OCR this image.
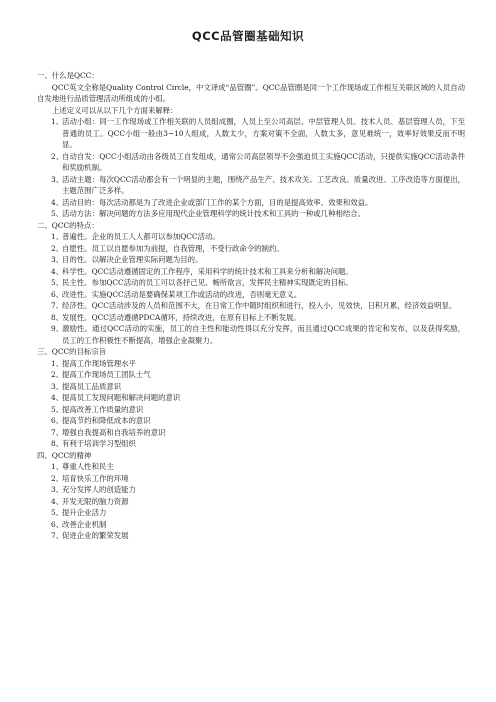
QCC品管圈基础知识
一、什么是QCC：
QCC英文全称是Quality Control Circle，中文译成“品管圈”。QCC品管圈是同一个工作现场或工作相互关联区域的人员自动自发地进行品质管理活动所组成的小组。
上述定义可以从以下几个方面来解释：
1、
活动小组：同一工作现场或工作相关联的人员组成圈，人员上至公司高层、中层管理人员、技术人员、基层管理人员，下至普通的员工。QCC小组一般由3~10人组成，人数太少，方案对策不全面，人数太多，意见难统一，效率好效果反而不明显。
2、
自动自发：QCC小组活动由各级员工自发组成，通常公司高层领导不会强迫员工实施QCC活动，只提供实施QCC活动条件和奖励机制。
3、
活动主题：每次QCC活动都会有一个明显的主题，围绕产品生产、技术攻关、工艺改良、质量改进、工序改造等方面提出，主题范围广泛多样。
4、
活动目的：每次活动都是为了改进企业或部门工作的某个方面，目的是提高效率、效果和效益。
5、
活动方法：解决问题的方法多应用现代企业管理科学的统计技术和工具的一种或几种相结合。
二、QCC的特点：
1、
普遍性。企业的员工人人都可以参加QCC活动。
2、
自愿性。员工以自愿参加为前提，自我管理，不受行政命令的制约。
3、
目的性。以解决企业管理实际问题为目的。
4、
科学性。QCC活动遵循固定的工作程序，采用科学的统计技术和工具来分析和解决问题。
5、
民主性。参加QCC活动的员工可以各抒己见、畅所欲言，发挥民主精神实现既定的目标。
6、
改进性。实施QCC活动是要确保某项工作或活动的改进，否则毫无意义。
7、
经济性。QCC活动涉及的人员和范围不大，在日常工作中随时组织和进行，投入小，见效快，日积月累，经济效益明显。
8、
发展性。QCC活动遵循PDCA循环，持续改进，在原有目标上不断发展。
9、
激励性。通过QCC活动的实施，员工的自主性和能动性得以充分发挥，而且通过QCC成果的肯定和发布，以及获得奖励，员工的工作积极性不断提高，增强企业凝聚力。
三、QCC的目标宗旨
1、
提高工作现场管理水平
2、
提高工作现场员工团队士气
3、
提高员工品质意识
4、
提高员工发现问题和解决问题的意识
5、
提高改善工作质量的意识
6、
提高节约和降低成本的意识
7、
增强自我提高和自我培养的意识
8、
有利于培训学习型组织
四、QCC的精神
1、
尊重人性和民主
2、
培育快乐工作的环境
3、
充分发挥人的创造能力
4、
开发无限的脑力资源
5、
提升企业活力
6、
改善企业机制
7、
促进企业的繁荣发展
